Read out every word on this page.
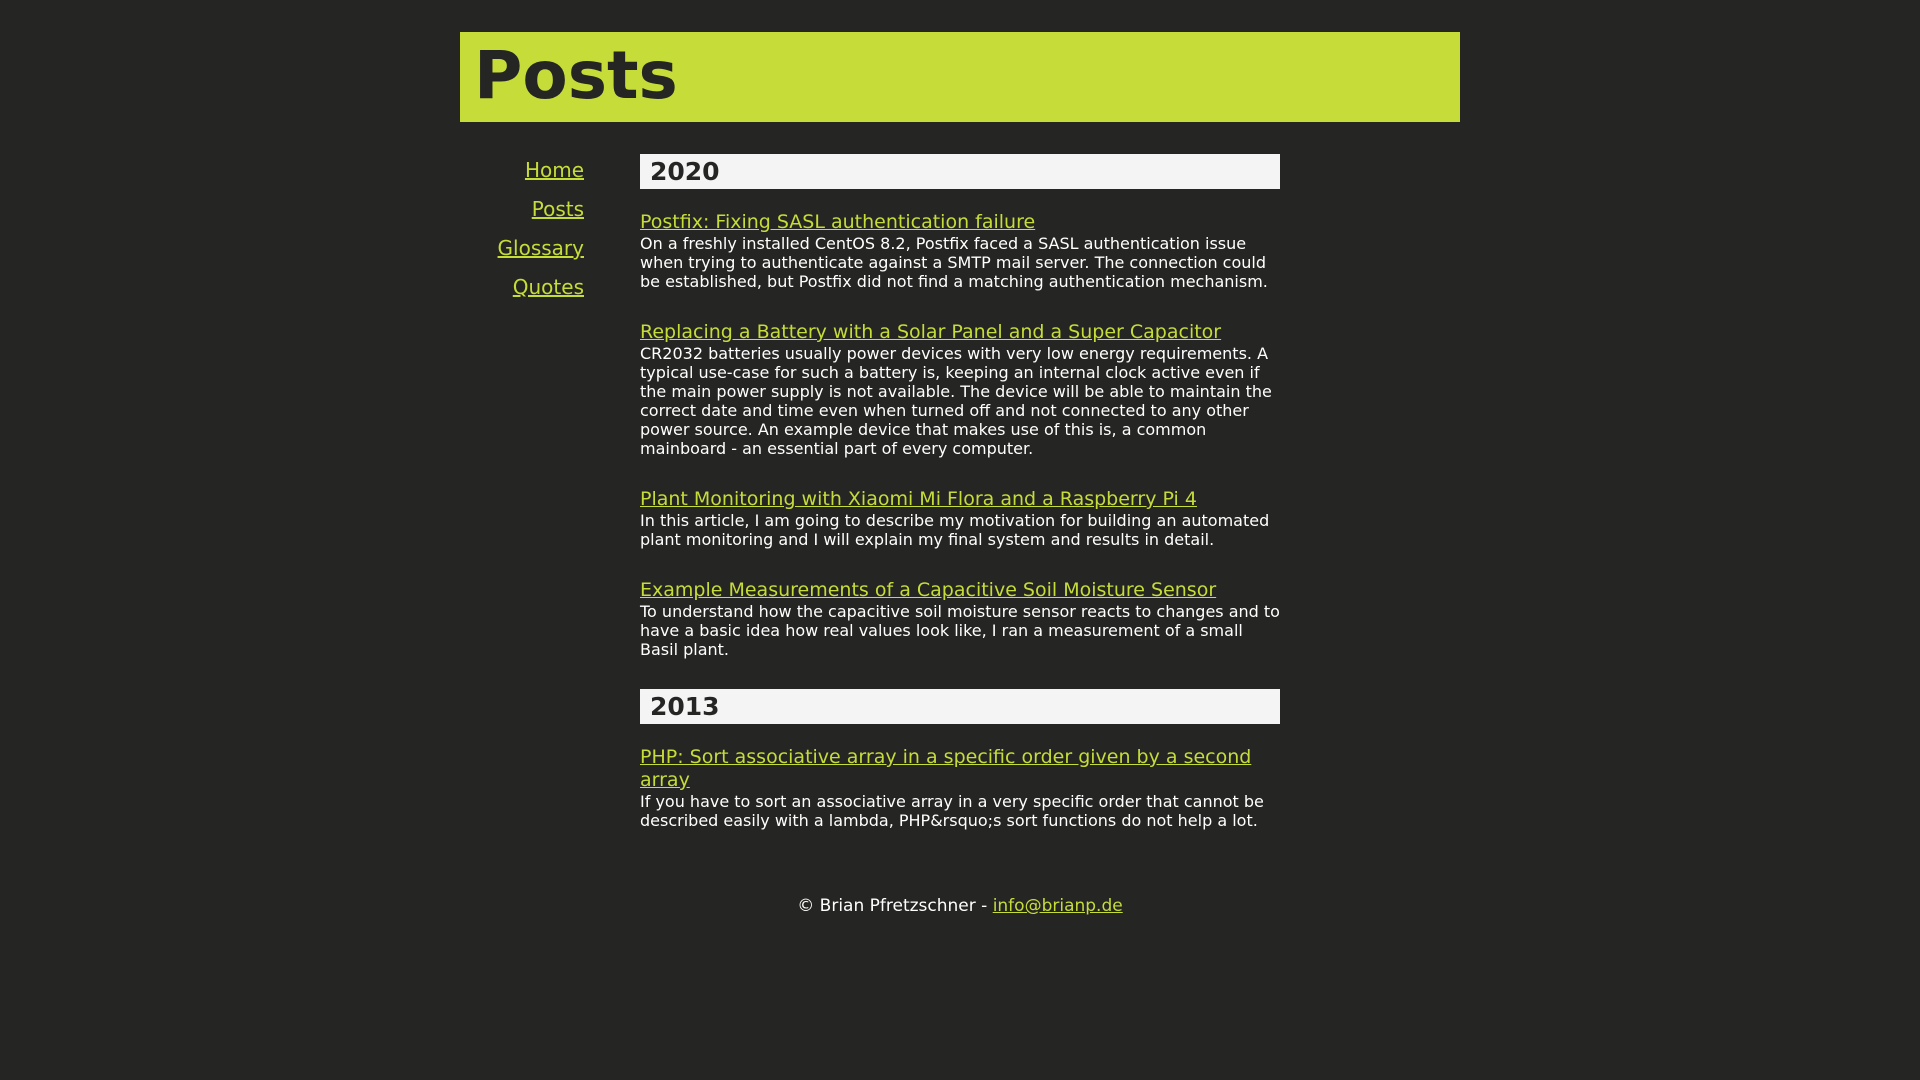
Posts
Home
Posts
Glossary
Quotes
2020
Postfix: Fixing SASL authentication failure

On a freshly installed CentOS 8.2, Postfix faced a SASL authentication issue when trying to authenticate against a SMTP mail server. The connection could be established, but Postfix did not find a matching authentication mechanism.

Replacing a Battery with a Solar Panel and a Super Capacitor

CR2032 batteries usually power devices with very low energy requirements. A typical use-case for such a battery is, keeping an internal clock active even if the main power supply is not available. The device will be able to maintain the correct date and time even when turned off and not connected to any other power source. An example device that makes use of this is, a common mainboard - an essential part of every computer.

Plant Monitoring with Xiaomi Mi Flora and a Raspberry Pi 4

In this article, I am going to describe my motivation for building an automated plant monitoring and I will explain my final system and results in detail.

Example Measurements of a Capacitive Soil Moisture Sensor

To understand how the capacitive soil moisture sensor reacts to changes and to have a basic idea how real values look like, I ran a measurement of a small Basil plant.

2013
PHP: Sort associative array in a specific order given by a second array

If you have to sort an associative array in a very specific order that cannot be described easily with a lambda, PHP&rsquo;s sort functions do not help a lot.

© Brian Pfretzschner - info@brianp.de
